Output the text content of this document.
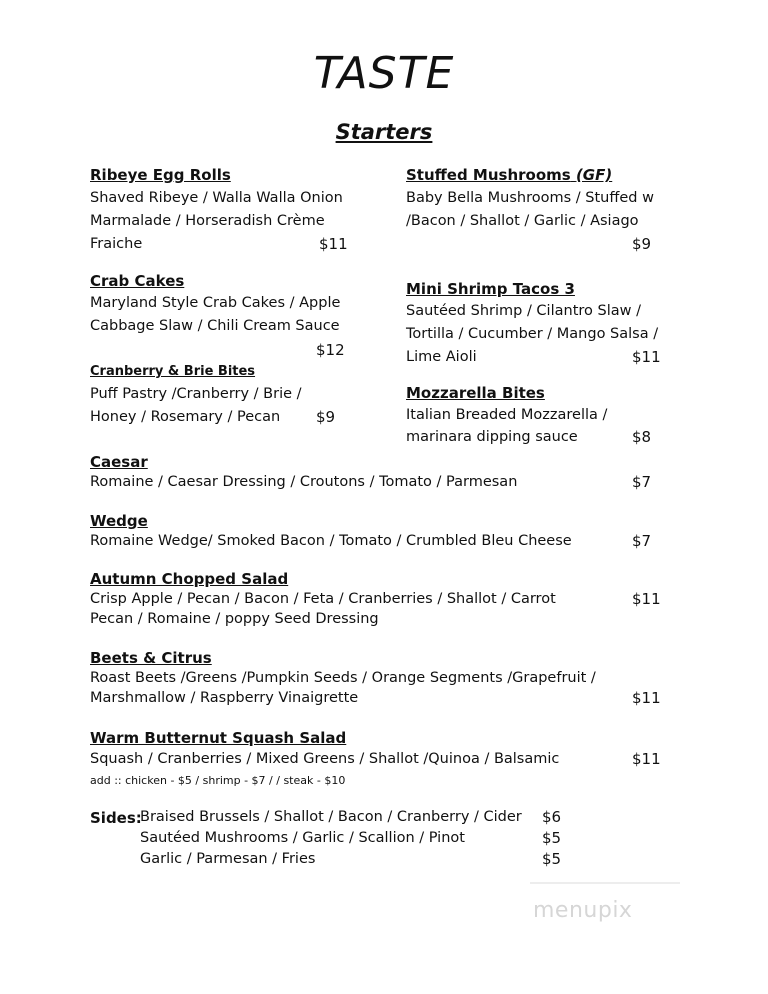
TASTE
Starters
Ribeye Egg Rolls
Shaved Ribeye / Walla Walla Onion
Marmalade / Horseradish Crème
Fraiche	$11
Stuffed Mushrooms (GF)
Baby Bella Mushrooms / Stuffed w
/Bacon / Shallot / Garlic / Asiago
$9
Crab Cakes
Maryland Style Crab Cakes / Apple
Cabbage Slaw / Chili Cream Sauce
$12
Mini Shrimp Tacos 3
Sautéed Shrimp / Cilantro Slaw /
Tortilla / Cucumber / Mango Salsa /
Lime Aioli	$11
Cranberry & Brie Bites
Puff Pastry /Cranberry / Brie /
Honey / Rosemary / Pecan $9
Mozzarella Bites
Italian Breaded Mozzarella /
marinara dipping sauce	$8
Caesar
Romaine / Caesar Dressing / Croutons / Tomato / Parmesan	$7
Wedge
Romaine Wedge/ Smoked Bacon / Tomato / Crumbled Bleu Cheese	$7
Autumn Chopped Salad
Crisp Apple / Pecan / Bacon / Feta / Cranberries / Shallot / Carrot
Pecan / Romaine / poppy Seed Dressing
$11
Beets & Citrus
Roast Beets /Greens /Pumpkin Seeds / Orange Segments /Grapefruit /
Marshmallow / Raspberry Vinaigrette	$11
Warm Butternut Squash Salad
Squash / Cranberries / Mixed Greens / Shallot /Quinoa / Balsamic	$11
add :: chicken - $5 / shrimp - $7 / / steak - $10
Sides:
Braised Brussels / Shallot / Bacon / Cranberry / Cider $6
Sautéed Mushrooms / Garlic / Scallion / Pinot	$5
Garlic / Parmesan / Fries	$5
menupix
